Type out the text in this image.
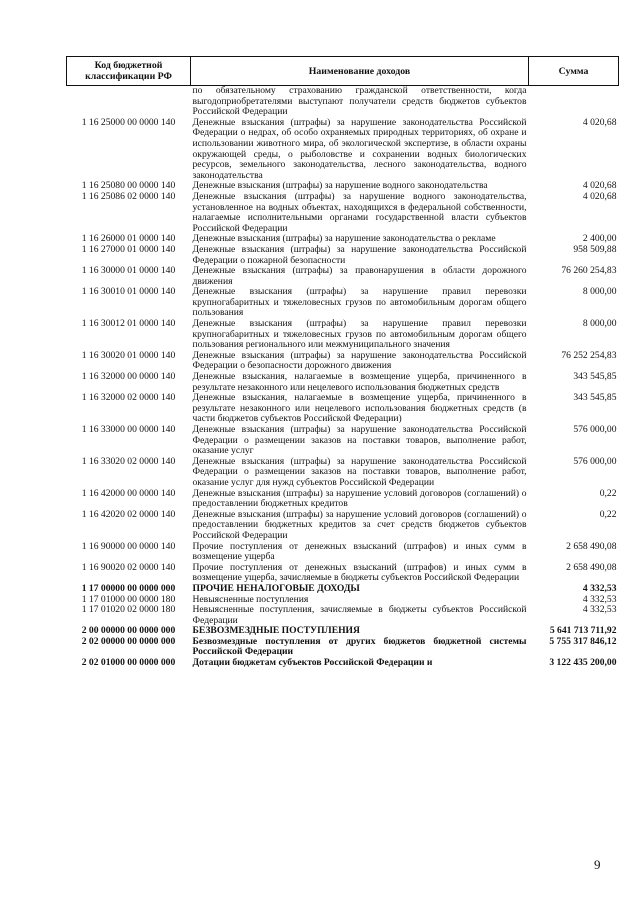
Код бюджетной классификации РФ	Наименование доходов	Сумма
	по обязательному страхованию гражданской ответственности, когда выгодоприобретателями выступают получатели средств бюджетов субъектов Российской Федерации	
1 16 25000 00 0000 140	Денежные взыскания (штрафы) за нарушение законодательства Российской Федерации о недрах, об особо охраняемых природных территориях, об охране и использовании животного мира, об экологической экспертизе, в области охраны окружающей среды, о рыболовстве и сохранении водных биологических ресурсов, земельного законодательства, лесного законодательства, водного законодательства	4 020,68
1 16 25080 00 0000 140	Денежные взыскания (штрафы) за нарушение водного законодательства	4 020,68
1 16 25086 02 0000 140	Денежные взыскания (штрафы) за нарушение водного законодательства, установленное на водных объектах, находящихся в федеральной собственности, налагаемые исполнительными органами государственной власти субъектов Российской Федерации	4 020,68
1 16 26000 01 0000 140	Денежные взыскания (штрафы) за нарушение законодательства о рекламе	2 400,00
1 16 27000 01 0000 140	Денежные взыскания (штрафы) за нарушение законодательства Российской Федерации о пожарной безопасности	958 509,88
1 16 30000 01 0000 140	Денежные взыскания (штрафы) за правонарушения в области дорожного движения	76 260 254,83
1 16 30010 01 0000 140	Денежные взыскания (штрафы) за нарушение правил перевозки крупногабаритных и тяжеловесных грузов по автомобильным дорогам общего пользования	8 000,00
1 16 30012 01 0000 140	Денежные взыскания (штрафы) за нарушение правил перевозки крупногабаритных и тяжеловесных грузов по автомобильным дорогам общего пользования регионального или межмуниципального значения	8 000,00
1 16 30020 01 0000 140	Денежные взыскания (штрафы) за нарушение законодательства Российской Федерации о безопасности дорожного движения	76 252 254,83
1 16 32000 00 0000 140	Денежные взыскания, налагаемые в возмещение ущерба, причиненного в результате незаконного или нецелевого использования бюджетных средств	343 545,85
1 16 32000 02 0000 140	Денежные взыскания, налагаемые в возмещение ущерба, причиненного в результате незаконного или нецелевого использования бюджетных средств (в части бюджетов субъектов Российской Федерации)	343 545,85
1 16 33000 00 0000 140	Денежные взыскания (штрафы) за нарушение законодательства Российской Федерации о размещении заказов на поставки товаров, выполнение работ, оказание услуг	576 000,00
1 16 33020 02 0000 140	Денежные взыскания (штрафы) за нарушение законодательства Российской Федерации о размещении заказов на поставки товаров, выполнение работ, оказание услуг для нужд субъектов Российской Федерации	576 000,00
1 16 42000 00 0000 140	Денежные взыскания (штрафы) за нарушение условий договоров (соглашений) о предоставлении бюджетных кредитов	0,22
1 16 42020 02 0000 140	Денежные взыскания (штрафы) за нарушение условий договоров (соглашений) о предоставлении бюджетных кредитов за счет средств бюджетов субъектов Российской Федерации	0,22
1 16 90000 00 0000 140	Прочие поступления от денежных взысканий (штрафов) и иных сумм в возмещение ущерба	2 658 490,08
1 16 90020 02 0000 140	Прочие поступления от денежных взысканий (штрафов) и иных сумм в возмещение ущерба, зачисляемые в бюджеты субъектов Российской Федерации	2 658 490,08
1 17 00000 00 0000 000	ПРОЧИЕ НЕНАЛОГОВЫЕ ДОХОДЫ	4 332,53
1 17 01000 00 0000 180	Невыясненные поступления	4 332,53
1 17 01020 02 0000 180	Невыясненные поступления, зачисляемые в бюджеты субъектов Российской Федерации	4 332,53
2 00 00000 00 0000 000	БЕЗВОЗМЕЗДНЫЕ ПОСТУПЛЕНИЯ	5 641 713 711,92
2 02 00000 00 0000 000	Безвозмездные поступления от других бюджетов бюджетной системы Российской Федерации	5 755 317 846,12
2 02 01000 00 0000 000	Дотации бюджетам субъектов Российской Федерации и	3 122 435 200,00
9
